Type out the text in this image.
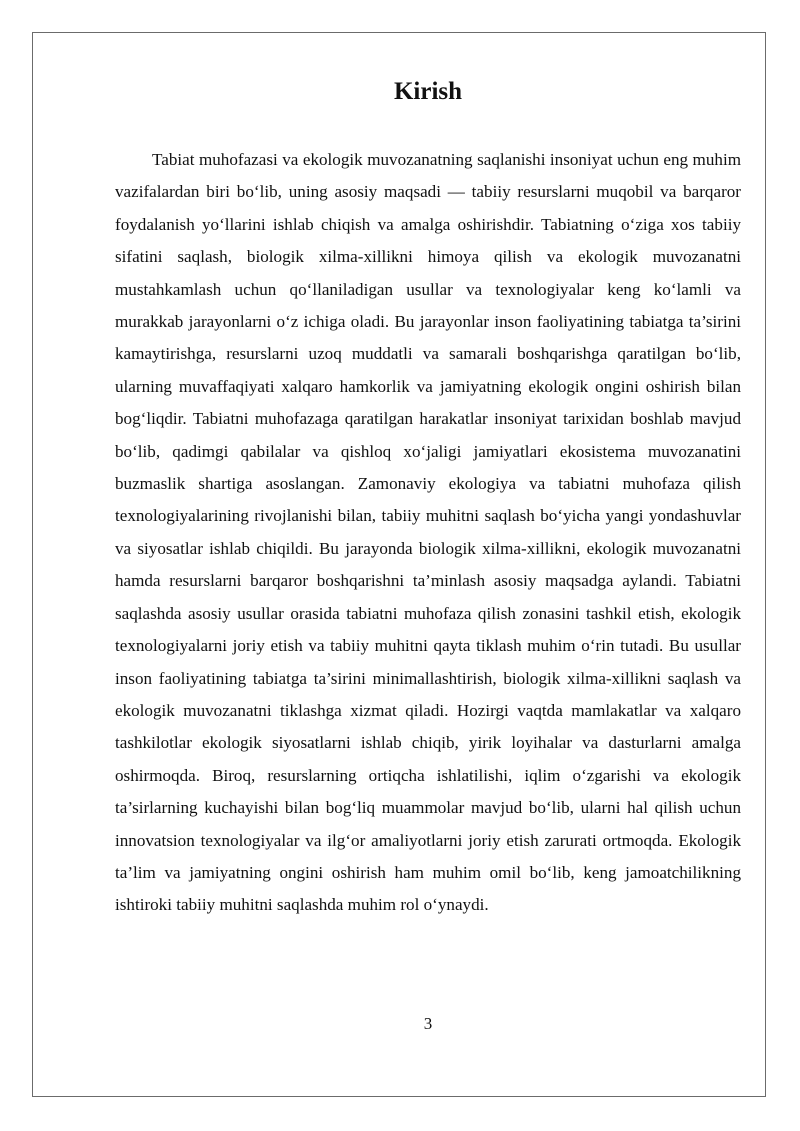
Kirish

Tabiat muhofazasi va ekologik muvozanatning saqlanishi insoniyat uchun eng muhim vazifalardan biri bo‘lib, uning asosiy maqsadi — tabiiy resurslarni muqobil va barqaror foydalanish yo‘llarini ishlab chiqish va amalga oshirishdir. Tabiatning o‘ziga xos tabiiy sifatini saqlash, biologik xilma-xillikni himoya qilish va ekologik muvozanatni mustahkamlash uchun qo‘llaniladigan usullar va texnologiyalar keng ko‘lamli va murakkab jarayonlarni o‘z ichiga oladi. Bu jarayonlar inson faoliyatining tabiatga ta’sirini kamaytirishga, resurslarni uzoq muddatli va samarali boshqarishga qaratilgan bo‘lib, ularning muvaffaqiyati xalqaro hamkorlik va jamiyatning ekologik ongini oshirish bilan bog‘liqdir. Tabiatni muhofazaga qaratilgan harakatlar insoniyat tarixidan boshlab mavjud bo‘lib, qadimgi qabilalar va qishloq xo‘jaligi jamiyatlari ekosistema muvozanatini buzmaslik shartiga asoslangan. Zamonaviy ekologiya va tabiatni muhofaza qilish texnologiyalarining rivojlanishi bilan, tabiiy muhitni saqlash bo‘yicha yangi yondashuvlar va siyosatlar ishlab chiqildi. Bu jarayonda biologik xilma-xillikni, ekologik muvozanatni hamda resurslarni barqaror boshqarishni ta’minlash asosiy maqsadga aylandi. Tabiatni saqlashda asosiy usullar orasida tabiatni muhofaza qilish zonasini tashkil etish, ekologik texnologiyalarni joriy etish va tabiiy muhitni qayta tiklash muhim o‘rin tutadi. Bu usullar inson faoliyatining tabiatga ta’sirini minimallashtirish, biologik xilma-xillikni saqlash va ekologik muvozanatni tiklashga xizmat qiladi. Hozirgi vaqtda mamlakatlar va xalqaro tashkilotlar ekologik siyosatlarni ishlab chiqib, yirik loyihalar va dasturlarni amalga oshirmoqda. Biroq, resurslarning ortiqcha ishlatilishi, iqlim o‘zgarishi va ekologik ta’sirlarning kuchayishi bilan bog‘liq muammolar mavjud bo‘lib, ularni hal qilish uchun innovatsion texnologiyalar va ilg‘or amaliyotlarni joriy etish zarurati ortmoqda. Ekologik ta’lim va jamiyatning ongini oshirish ham muhim omil bo‘lib, keng jamoatchilikning ishtiroki tabiiy muhitni saqlashda muhim rol o‘ynaydi.

3
